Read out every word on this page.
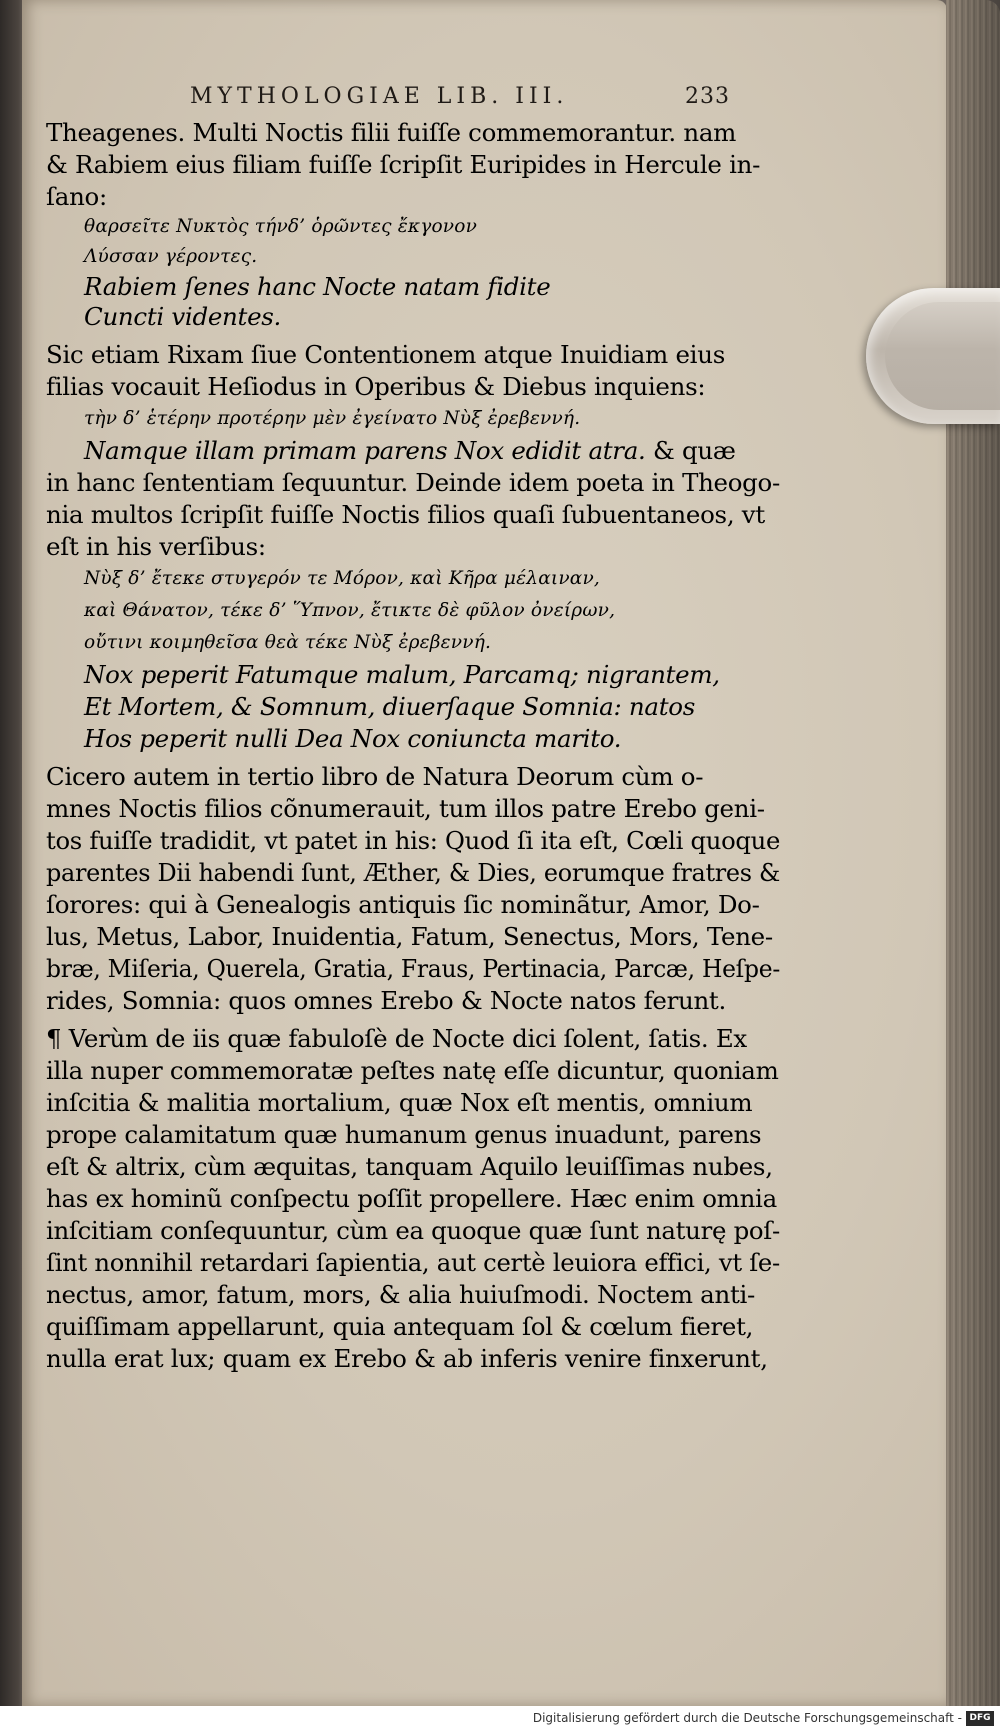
MYTHOLOGIAE LIB. III.	233
Theagenes. Multi Noctis filii fuiſſe commemorantur. nam
& Rabiem eius filiam fuiſſe ſcripſit Euripides in Hercule in-
ſano:
θαρσεῖτε Νυκτὸς τήνδ’ ὁρῶντες ἔκγονον
Λύσσαν γέροντες.
Rabiem ſenes hanc Nocte natam fidite
Cuncti videntes.
Sic etiam Rixam ſiue Contentionem atque Inuidiam eius
filias vocauit Heſiodus in Operibus & Diebus inquiens:
τὴν δ’ ἑτέρην προτέρην μὲν ἐγείνατο Νὺξ ἐρεβεννή.
Namque illam primam parens Nox edidit atra. & quæ
in hanc ſententiam ſequuntur. Deinde idem poeta in Theogo-
nia multos ſcripſit fuiſſe Noctis filios quaſi ſubuentaneos, vt
eſt in his verſibus:
Νὺξ δ’ ἔτεκε στυγερόν τε Μόρον, καὶ Κῆρα μέλαιναν,
καὶ Θάνατον, τέκε δ’ Ὕπνον, ἔτικτε δὲ φῦλον ὀνείρων,
οὔτινι κοιμηθεῖσα θεὰ τέκε Νὺξ ἐρεβεννή.
Nox peperit Fatumque malum, Parcamq; nigrantem,
Et Mortem, & Somnum, diuerſaque Somnia: natos
Hos peperit nulli Dea Nox coniuncta marito.
Cicero autem in tertio libro de Natura Deorum cùm o-
mnes Noctis filios cõnumerauit, tum illos patre Erebo geni-
tos fuiſſe tradidit, vt patet in his: Quod ſi ita eſt, Cœli quoque
parentes Dii habendi ſunt, Æther, & Dies, eorumque fratres &
ſorores: qui à Genealogis antiquis ſic nominãtur, Amor, Do-
lus, Metus, Labor, Inuidentia, Fatum, Senectus, Mors, Tene-
bræ, Miſeria, Querela, Gratia, Fraus, Pertinacia, Parcæ, Heſpe-
rides, Somnia: quos omnes Erebo & Nocte natos ferunt.
¶ Verùm de iis quæ fabuloſè de Nocte dici ſolent, ſatis. Ex
illa nuper commemoratæ peſtes natę eſſe dicuntur, quoniam
inſcitia & malitia mortalium, quæ Nox eſt mentis, omnium
prope calamitatum quæ humanum genus inuadunt, parens
eſt & altrix, cùm æquitas, tanquam Aquilo leuiſſimas nubes,
has ex hominũ conſpectu poſſit propellere. Hæc enim omnia
inſcitiam conſequuntur, cùm ea quoque quæ ſunt naturę poſ-
ſint nonnihil retardari ſapientia, aut certè leuiora effici, vt ſe-
nectus, amor, fatum, mors, & alia huiuſmodi. Noctem anti-
quiſſimam appellarunt, quia antequam ſol & cœlum fieret,
nulla erat lux; quam ex Erebo & ab inferis venire finxerunt,
Digitalisierung gefördert durch die Deutsche Forschungsgemeinschaft - DFG
